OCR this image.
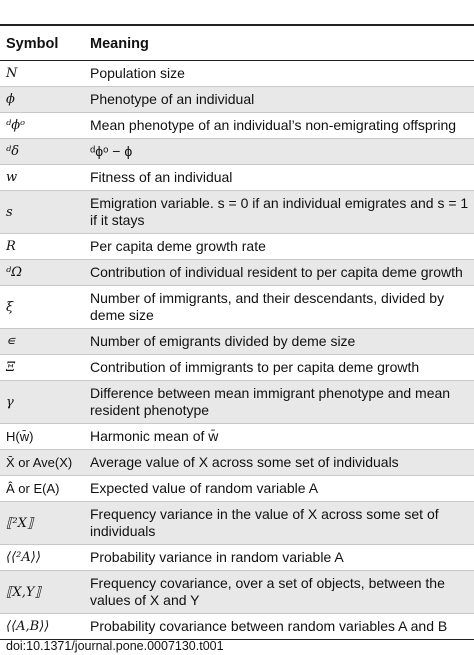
Symbol	Meaning
N	Population size
ϕ	Phenotype of an individual
ᵈϕᵒ	Mean phenotype of an individual’s non-emigrating offspring
ᵈδ	ᵈϕᵒ − ϕ
w	Fitness of an individual
s	Emigration variable. s = 0 if an individual emigrates and s = 1 if it stays
R	Per capita deme growth rate
ᵈΩ	Contribution of individual resident to per capita deme growth
ξ	Number of immigrants, and their descendants, divided by deme size
∊	Number of emigrants divided by deme size
Ξ	Contribution of immigrants to per capita deme growth
γ	Difference between mean immigrant phenotype and mean resident phenotype
H(w̄)	Harmonic mean of w̄
X̄ or Ave(X)	Average value of X across some set of individuals
Â or E(A)	Expected value of random variable A
⟦²X⟧	Frequency variance in the value of X across some set of individuals
⟨⟨²A⟩⟩	Probability variance in random variable A
⟦X,Y⟧	Frequency covariance, over a set of objects, between the values of X and Y
⟨⟨A,B⟩⟩	Probability covariance between random variables A and B
doi:10.1371/journal.pone.0007130.t001
